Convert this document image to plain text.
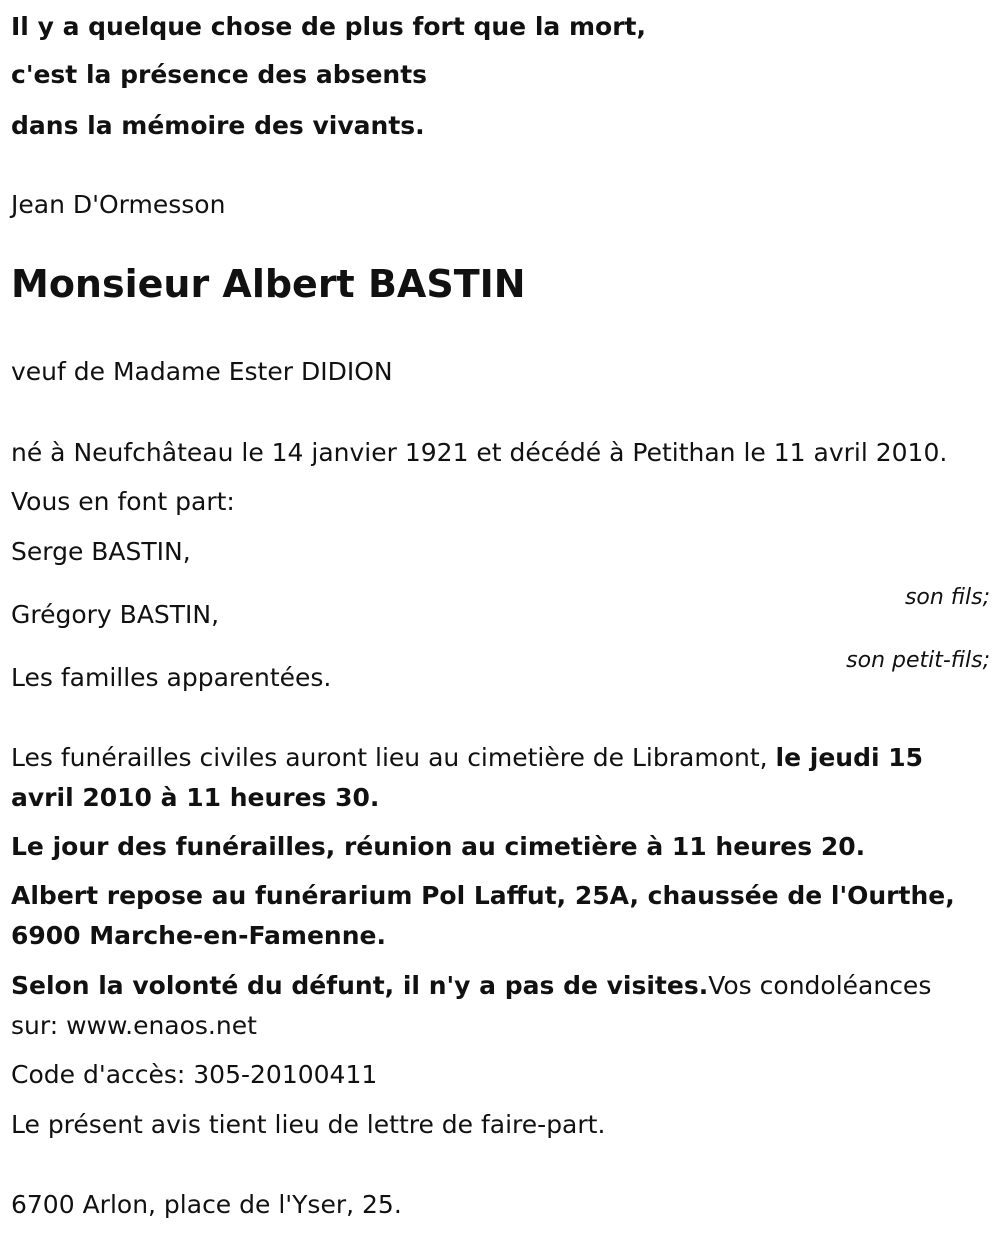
Il y a quelque chose de plus fort que la mort,

c'est la présence des absents

dans la mémoire des vivants.

Jean D'Ormesson

Monsieur Albert BASTIN

veuf de Madame Ester DIDION

né à Neufchâteau le 14 janvier 1921 et décédé à Petithan le 11 avril 2010.

Vous en font part:

Serge BASTIN,

son fils;

Grégory BASTIN,

son petit-fils;

Les familles apparentées.

Les funérailles civiles auront lieu au cimetière de Libramont, le jeudi 15 avril 2010 à 11 heures 30.

Le jour des funérailles, réunion au cimetière à 11 heures 20.

Albert repose au funérarium Pol Laffut, 25A, chaussée de l'Ourthe, 6900 Marche-en-Famenne.

Selon la volonté du défunt, il n'y a pas de visites.Vos condoléances sur: www.enaos.net

Code d'accès: 305-20100411

Le présent avis tient lieu de lettre de faire-part.

6700 Arlon, place de l'Yser, 25.
